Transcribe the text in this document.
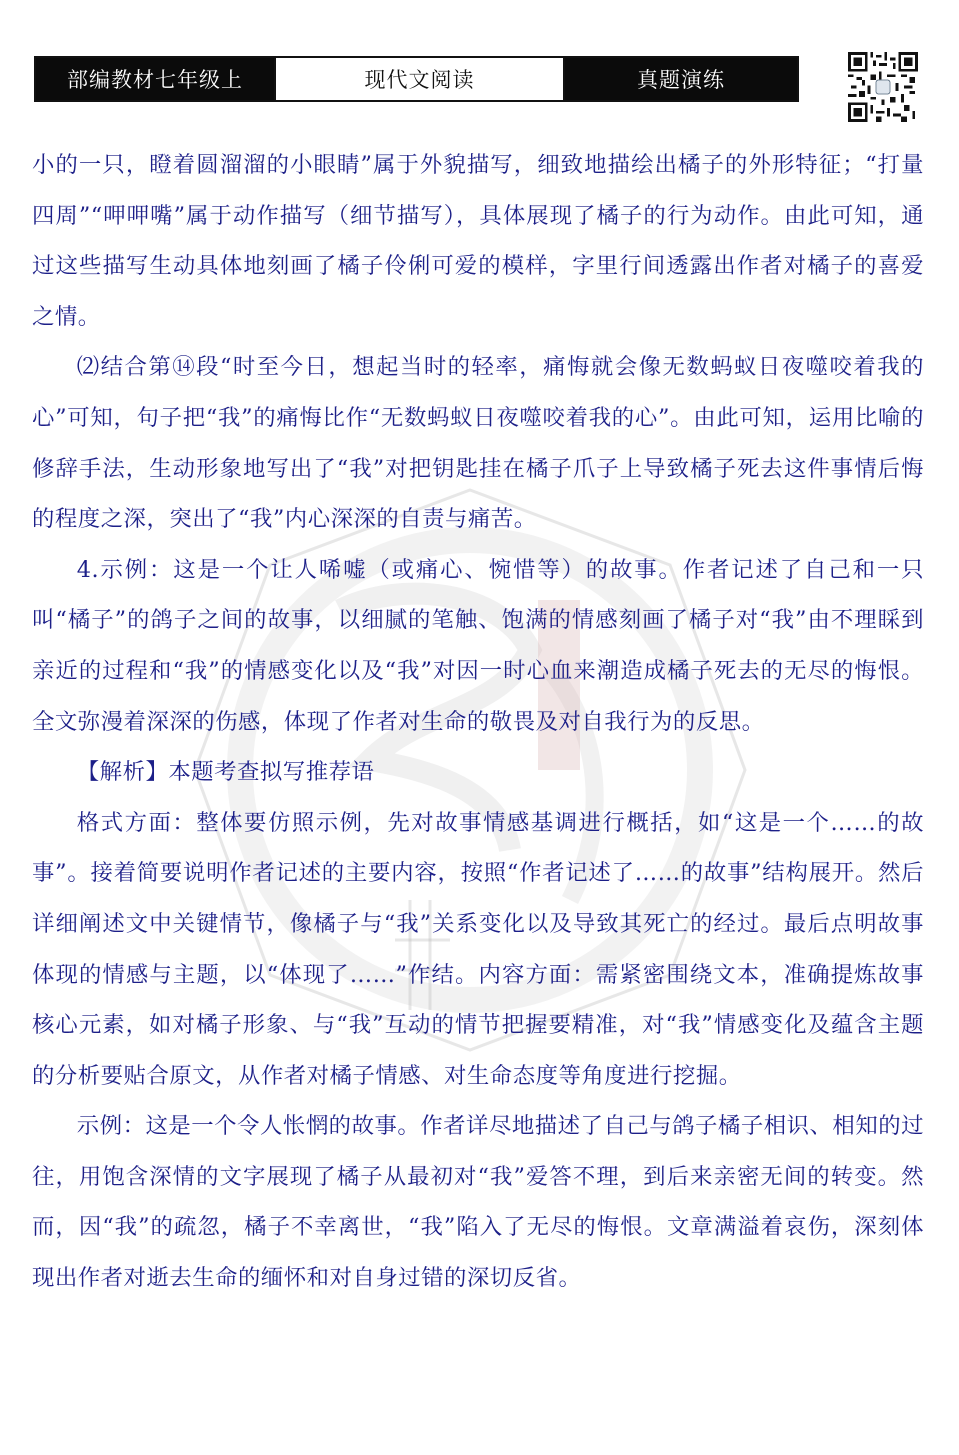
部编教材七年级上	现代文阅读	真题演练

小的一只，瞪着圆溜溜的小眼睛”属于外貌描写，细致地描绘出橘子的外形特征；“打量四周”“呷呷嘴”属于动作描写（细节描写），具体展现了橘子的行为动作。由此可知，通过这些描写生动具体地刻画了橘子伶俐可爱的模样，字里行间透露出作者对橘子的喜爱之情。

⑵结合第⑭段“时至今日，想起当时的轻率，痛悔就会像无数蚂蚁日夜噬咬着我的心”可知，句子把“我”的痛悔比作“无数蚂蚁日夜噬咬着我的心”。由此可知，运用比喻的修辞手法，生动形象地写出了“我”对把钥匙挂在橘子爪子上导致橘子死去这件事情后悔的程度之深，突出了“我”内心深深的自责与痛苦。

4.示例：这是一个让人唏嘘（或痛心、惋惜等）的故事。作者记述了自己和一只叫“橘子”的鸽子之间的故事，以细腻的笔触、饱满的情感刻画了橘子对“我”由不理睬到亲近的过程和“我”的情感变化以及“我”对因一时心血来潮造成橘子死去的无尽的悔恨。全文弥漫着深深的伤感，体现了作者对生命的敬畏及对自我行为的反思。

【解析】本题考查拟写推荐语

格式方面：整体要仿照示例，先对故事情感基调进行概括，如“这是一个……的故事”。接着简要说明作者记述的主要内容，按照“作者记述了……的故事”结构展开。然后详细阐述文中关键情节，像橘子与“我”关系变化以及导致其死亡的经过。最后点明故事体现的情感与主题，以“体现了……”作结。内容方面：需紧密围绕文本，准确提炼故事核心元素，如对橘子形象、与“我”互动的情节把握要精准，对“我”情感变化及蕴含主题的分析要贴合原文，从作者对橘子情感、对生命态度等角度进行挖掘。

示例：这是一个令人怅惘的故事。作者详尽地描述了自己与鸽子橘子相识、相知的过往，用饱含深情的文字展现了橘子从最初对“我”爱答不理，到后来亲密无间的转变。然而，因“我”的疏忽，橘子不幸离世，“我”陷入了无尽的悔恨。文章满溢着哀伤，深刻体现出作者对逝去生命的缅怀和对自身过错的深切反省。
